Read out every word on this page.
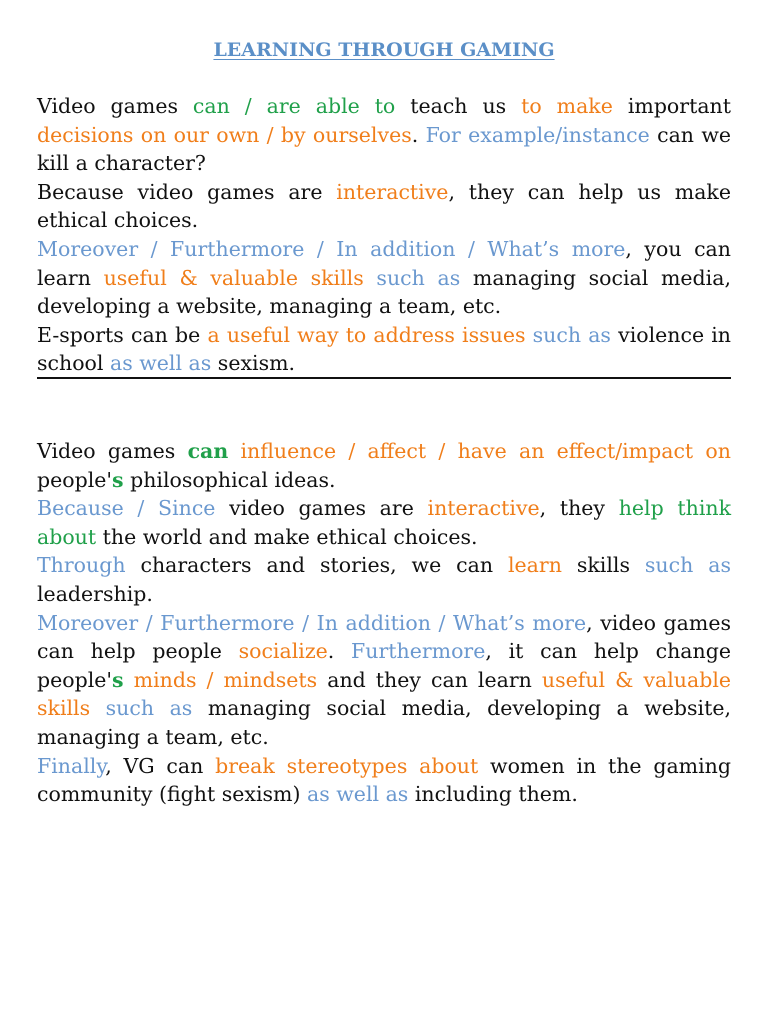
LEARNING THROUGH GAMING
Video games can / are able to teach us to make important decisions on our own / by ourselves. For example/instance can we kill a character?
Because video games are interactive, they can help us make ethical choices.
Moreover / Furthermore / In addition / What’s more, you can learn useful & valuable skills such as managing social media, developing a website, managing a team, etc.
E-sports can be a useful way to address issues such as violence in school as well as sexism.
Video games can influence / affect / have an effect/impact on people's philosophical ideas.
Because / Since video games are interactive, they help think about the world and make ethical choices.
Through characters and stories, we can learn skills such as leadership.
Moreover / Furthermore / In addition / What’s more, video games can help people socialize. Furthermore, it can help change people's minds / mindsets and they can learn useful & valuable skills such as managing social media, developing a website, managing a team, etc.
Finally, VG can break stereotypes about women in the gaming community (fight sexism) as well as including them.
